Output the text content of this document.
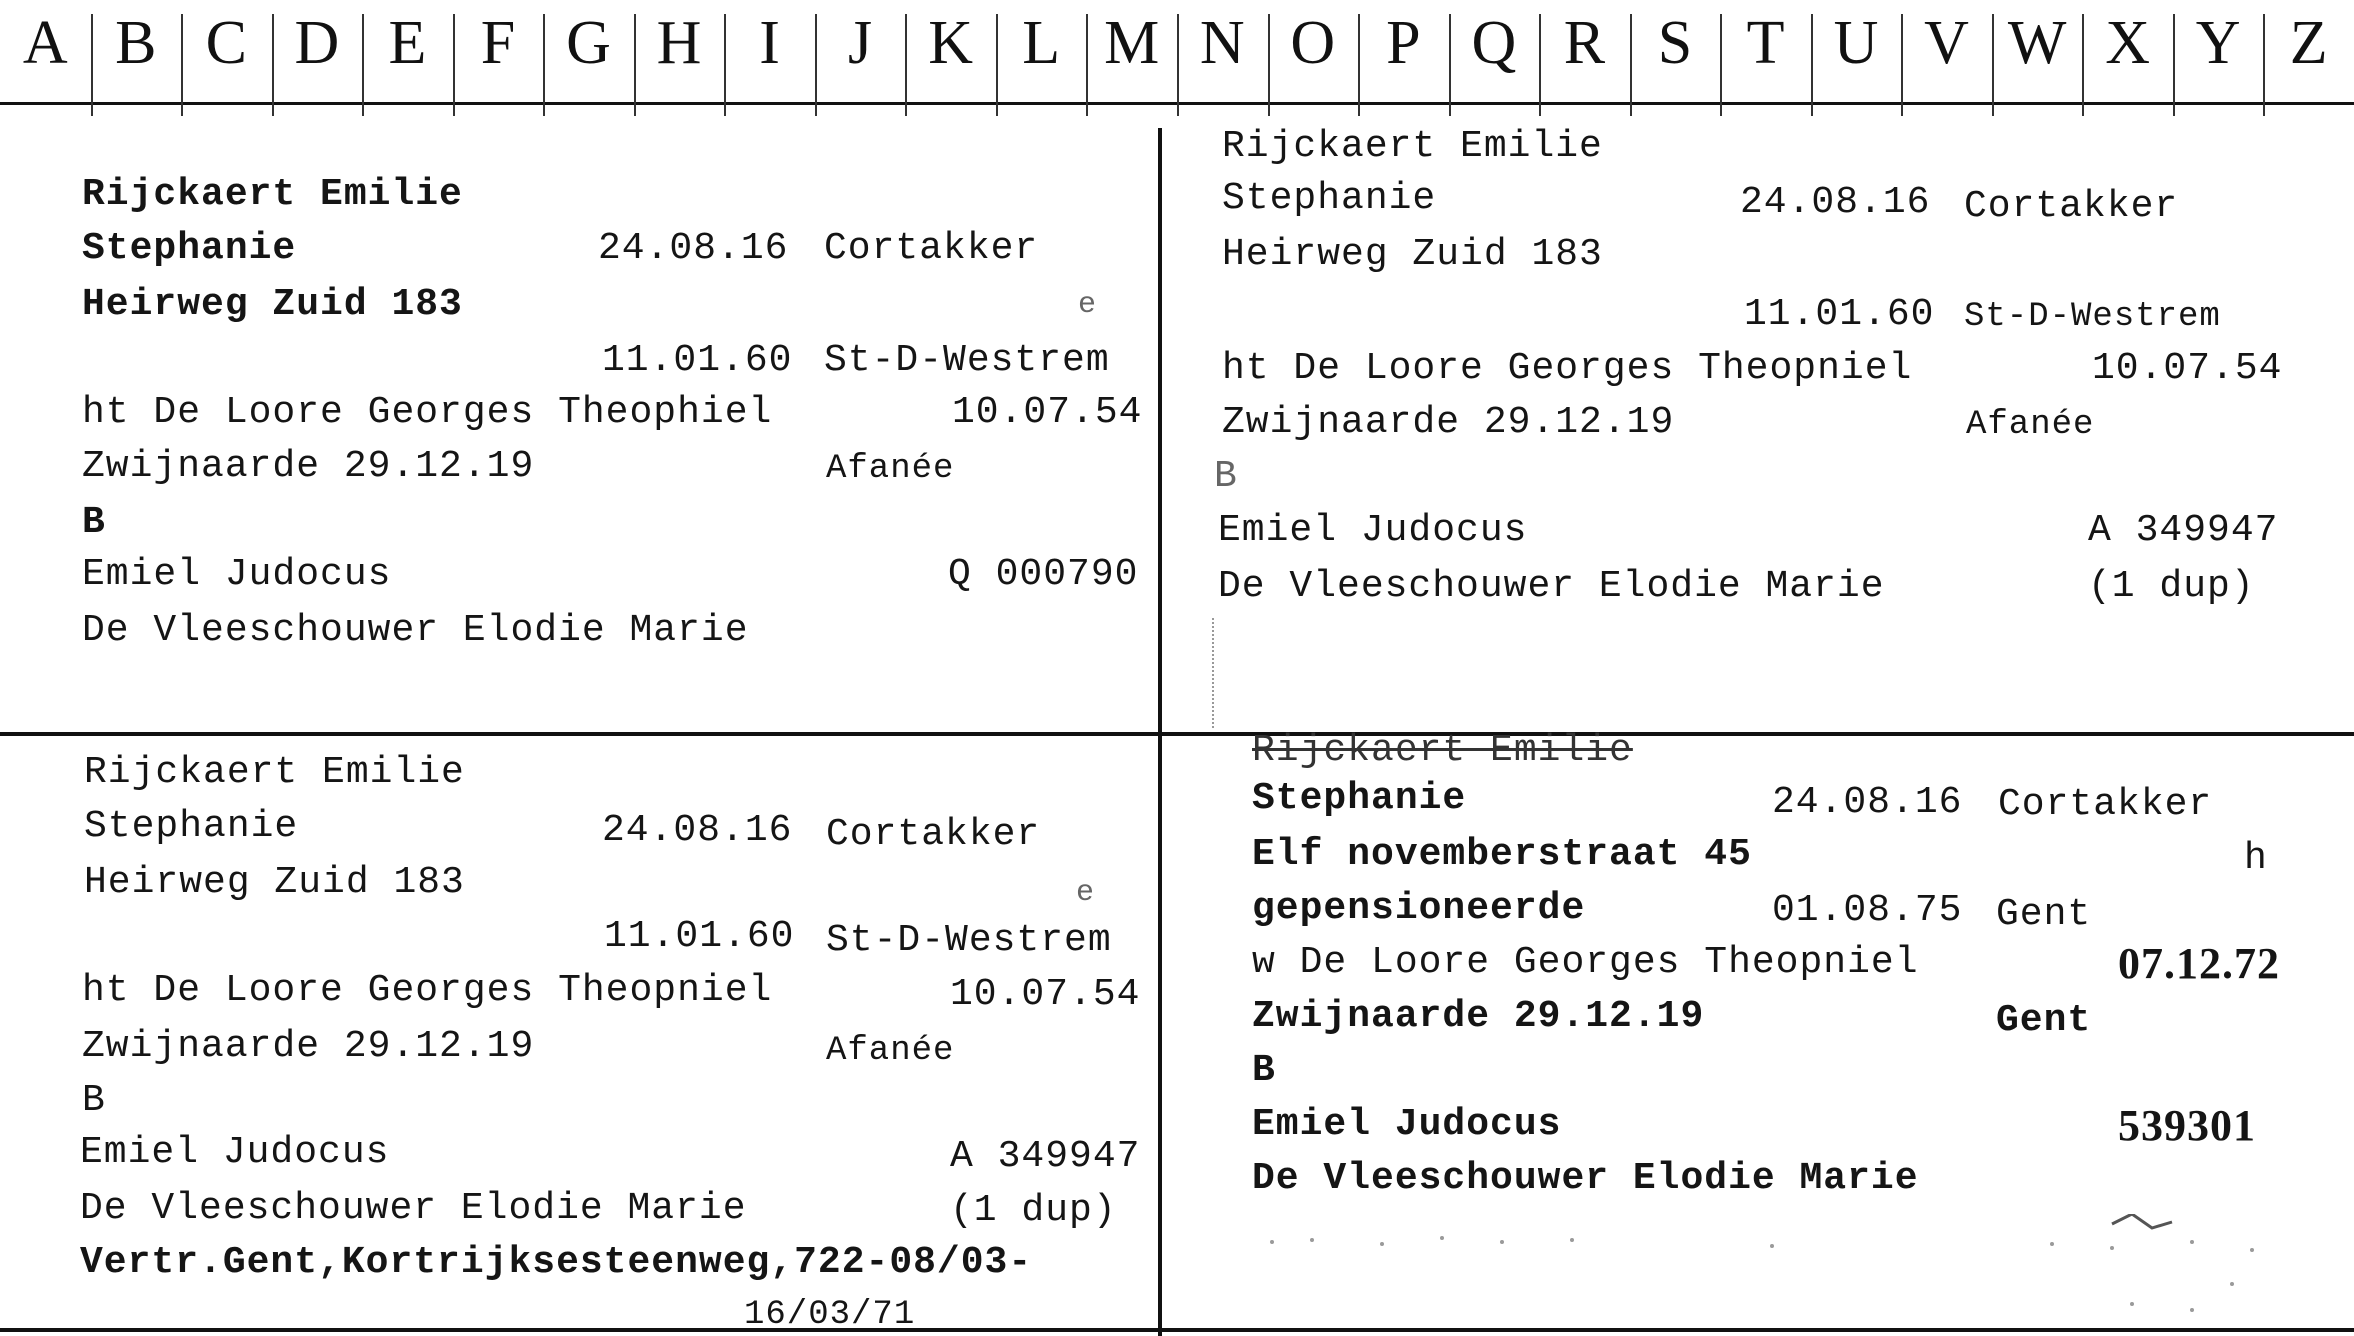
A B C D E F G H I J K L M N O P Q R S T U V W X Y Z
Rijckaert Emilie
Stephanie	24.08.16 Cortakker
Heirweg Zuid 183	e
11.01.60 St-D-Westrem
ht De Loore Georges Theophiel	10.07.54
Zwijnaarde 29.12.19	Afanée
B
Emiel Judocus	Q 000790
De Vleeschouwer Elodie Marie
Rijckaert Emilie
Stephanie	24.08.16 Cortakker
Heirweg Zuid 183
11.01.60 St-D-Westrem
ht De Loore Georges Theopniel	10.07.54
Zwijnaarde 29.12.19	Afanée
B
Emiel Judocus	A 349947
De Vleeschouwer Elodie Marie	(1 dup)
Rijckaert Emilie
Stephanie	24.08.16 Cortakker
Heirweg Zuid 183	e
11.01.60 St-D-Westrem
ht De Loore Georges Theopniel	10.07.54
Zwijnaarde 29.12.19	Afanée
B
Emiel Judocus	A 349947
De Vleeschouwer Elodie Marie	(1 dup)
Vertr.Gent,Kortrijksesteenweg,722-08/03-
16/03/71
Rijckaert Emilie
Stephanie	24.08.16 Cortakker
Elf novemberstraat 45	h
gepensioneerde	01.08.75 Gent
w De Loore Georges Theopniel	07.12.72
Zwijnaarde 29.12.19	Gent
B
Emiel Judocus	539301
De Vleeschouwer Elodie Marie
